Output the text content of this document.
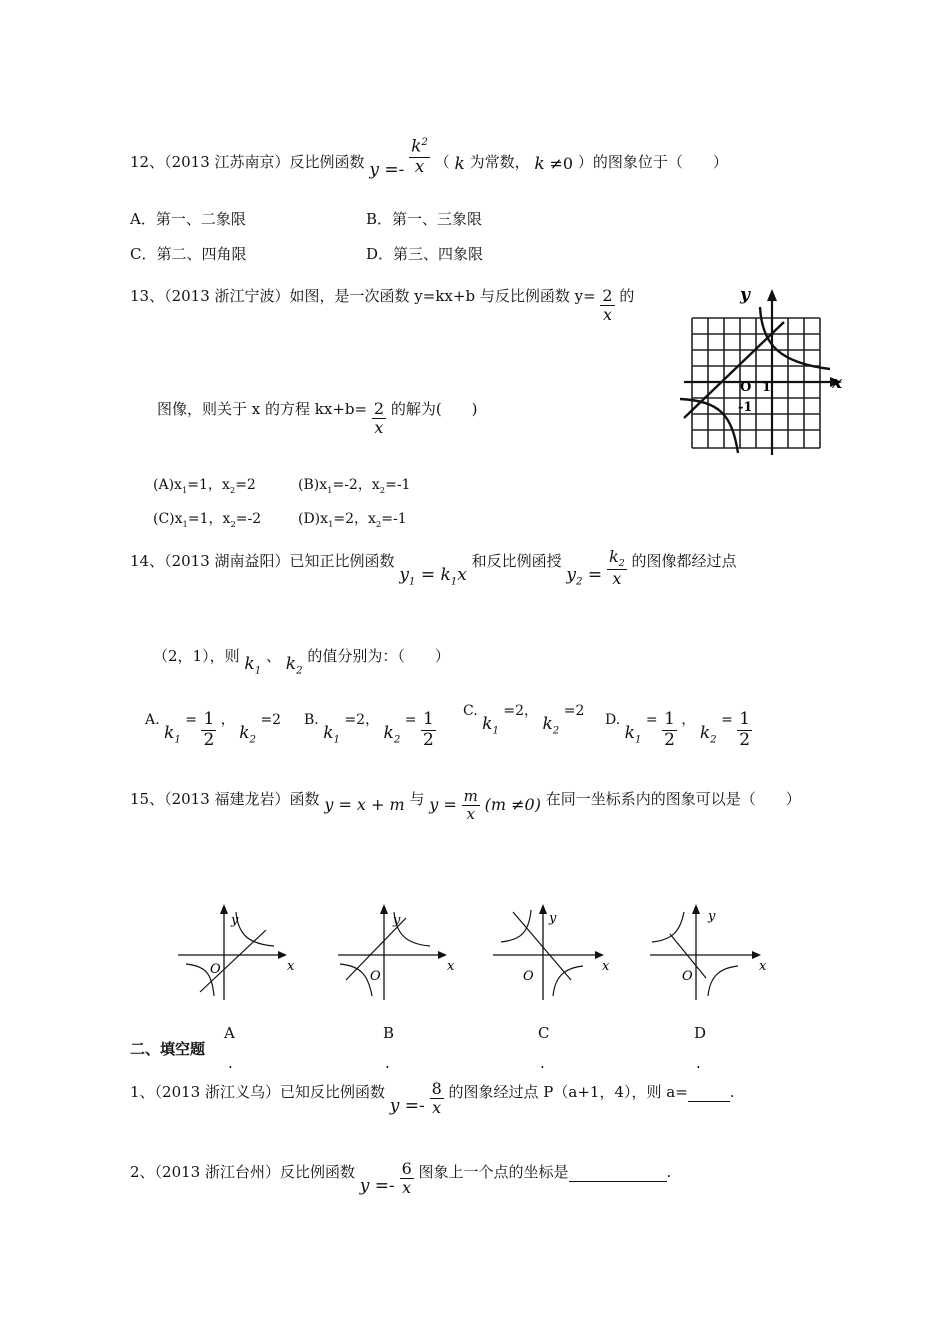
12、（2013 江苏南京）反比例函数 $y =- \frac{k^2}{x}$ （ k 为常数， k ≠0 ）的图象位于（　　）
A．第一、二象限	B．第一、三象限
C．第二、四角限	D．第三、四象限
13、（2013 浙江宁波）如图，是一次函数 y=kx+b 与反比例函数 $y= \frac{2}{x}$ 的
图像，则关于 x 的方程 $kx+b= \frac{2}{x}$ 的解为(　　)
$(A)x_1=1$，$x_2=2$	$(B)x_1=-2$，$x_2=-1$
$(C)x_1=1$，$x_2=-2$	$(D)x_1=2$，$x_2=-1$
y
x
O 1
-1
14、（2013 湖南益阳）已知正比例函数 $y_1 = k_1x$ 和反比例函授 $y_2 = \frac{k_2}{x}$ 的图像都经过点
（2，1），则 $k_1$ 、 $k_2$ 的值分别为：（　　）
A. $k_1 = \frac{1}{2}$ ， $k_2 =2$ B. $k_1 =2$， $k_2 = \frac{1}{2} C$. $k_1 =2$， $k_2 =2$
D. $k_1 = \frac{1}{2}$ ， $k_2 = \frac{1}{2}$
15、（2013 福建龙岩）函数 y = x + m 与 $y = \frac{m}{x} (m \ne 0)$ 在同一坐标系内的图象可以是（　　）
y
x
O
y
x
O
y
x
O
y
x
O
A	B	C	D
.	.	.	.
二、填空题
1、（2013 浙江义乌）已知反比例函数 $y =- \frac{8}{x}$ 的图象经过点 P（a+1，4），则 a=	.
2、（2013 浙江台州）反比例函数 $y =- \frac{6}{x}$ 图象上一个点的坐标是	.
